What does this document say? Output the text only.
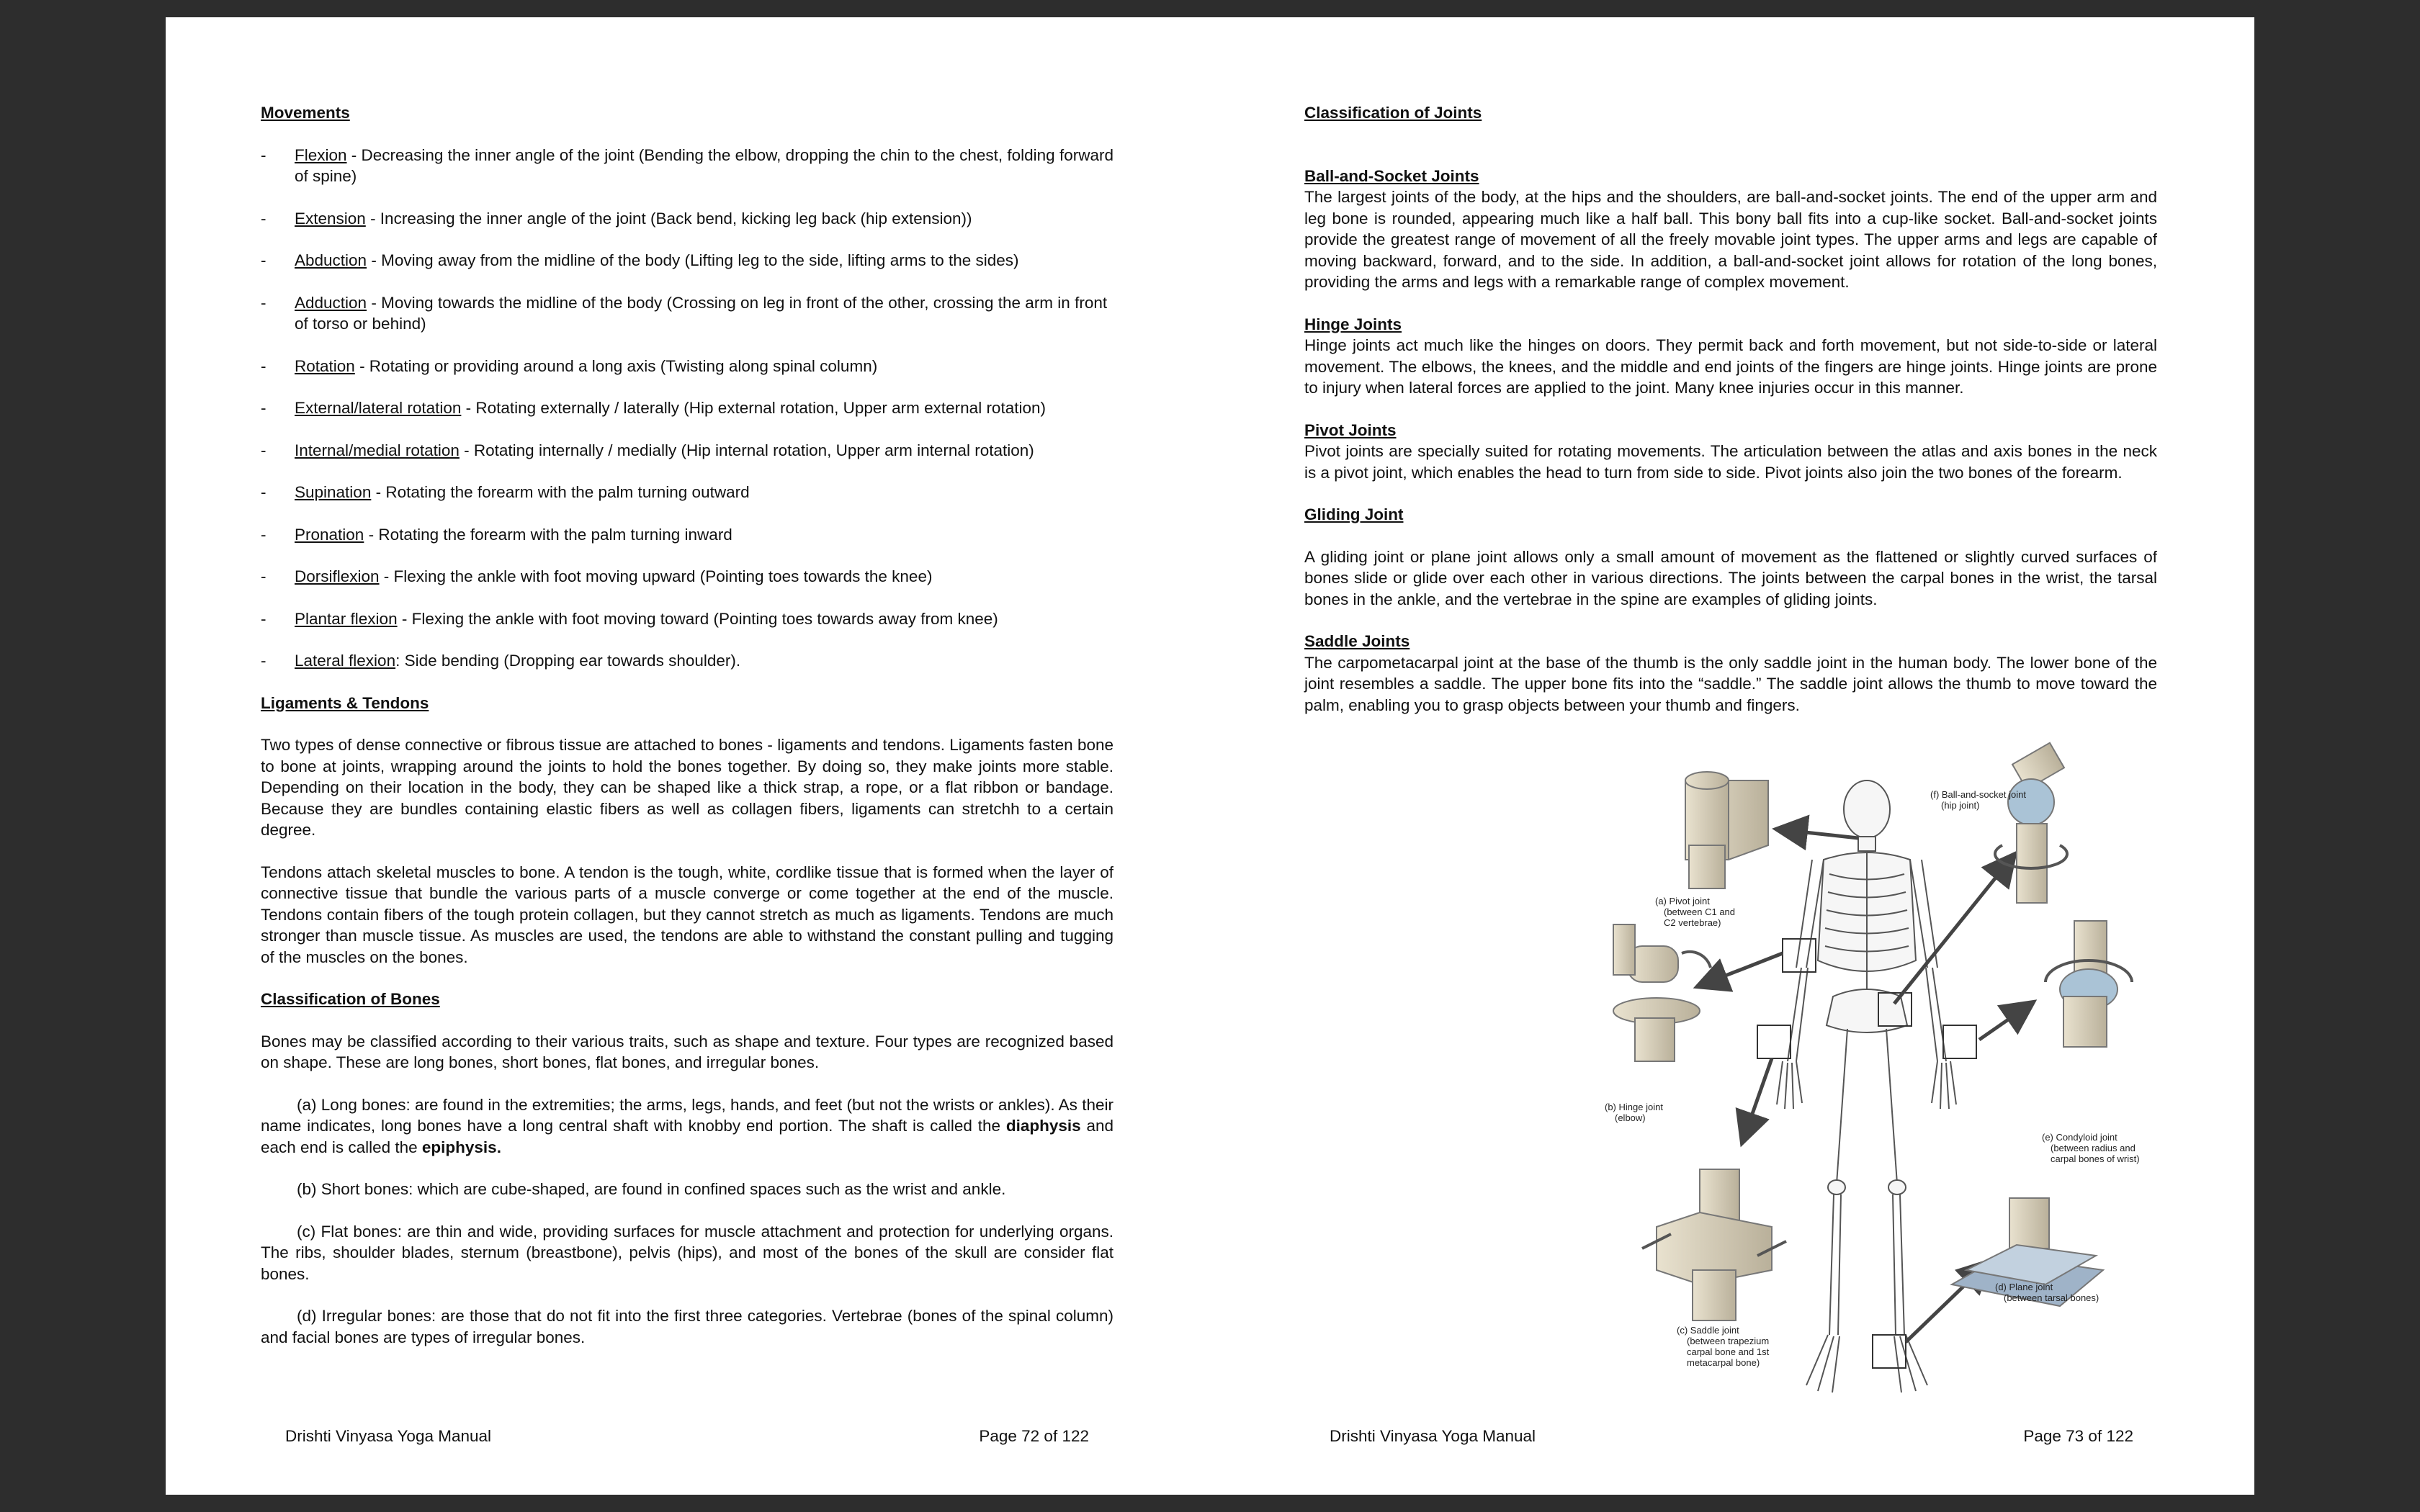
Movements
- Flexion - Decreasing the inner angle of the joint (Bending the elbow, dropping the chin to the chest, folding forward of spine)
- Extension - Increasing the inner angle of the joint (Back bend, kicking leg back (hip extension))
- Abduction - Moving away from the midline of the body (Lifting leg to the side, lifting arms to the sides)
- Adduction - Moving towards the midline of the body (Crossing on leg in front of the other, crossing the arm in front of torso or behind)
- Rotation - Rotating or providing around a long axis (Twisting along spinal column)
- External/lateral rotation - Rotating externally / laterally (Hip external rotation, Upper arm external rotation)
- Internal/medial rotation - Rotating internally / medially (Hip internal rotation, Upper arm internal rotation)
- Supination - Rotating the forearm with the palm turning outward
- Pronation - Rotating the forearm with the palm turning inward
- Dorsiflexion - Flexing the ankle with foot moving upward (Pointing toes towards the knee)
- Plantar flexion - Flexing the ankle with foot moving toward (Pointing toes towards away from knee)
- Lateral flexion: Side bending (Dropping ear towards shoulder).
Ligaments & Tendons

Two types of dense connective or fibrous tissue are attached to bones - ligaments and tendons. Ligaments fasten bone to bone at joints, wrapping around the joints to hold the bones together. By doing so, they make joints more stable. Depending on their location in the body, they can be shaped like a thick strap, a rope, or a flat ribbon or bandage. Because they are bundles containing elastic fibers as well as collagen fibers, ligaments can stretchh to a certain degree.

Tendons attach skeletal muscles to bone. A tendon is the tough, white, cordlike tissue that is formed when the layer of connective tissue that bundle the various parts of a muscle converge or come together at the end of the muscle. Tendons contain fibers of the tough protein collagen, but they cannot stretch as much as ligaments. Tendons are much stronger than muscle tissue. As muscles are used, the tendons are able to withstand the constant pulling and tugging of the muscles on the bones.

Classification of Bones

Bones may be classified according to their various traits, such as shape and texture. Four types are recognized based on shape. These are long bones, short bones, flat bones, and irregular bones.

(a) Long bones: are found in the extremities; the arms, legs, hands, and feet (but not the wrists or ankles). As their name indicates, long bones have a long central shaft with knobby end portion. The shaft is called the diaphysis and each end is called the epiphysis.

(b) Short bones: which are cube-shaped, are found in confined spaces such as the wrist and ankle.

(c) Flat bones: are thin and wide, providing surfaces for muscle attachment and protection for underlying organs. The ribs, shoulder blades, sternum (breastbone), pelvis (hips), and most of the bones of the skull are consider flat bones.

(d) Irregular bones: are those that do not fit into the first three categories. Vertebrae (bones of the spinal column) and facial bones are types of irregular bones.

Drishti Vinyasa Yoga Manual	Page 72 of 122
Classification of Joints
Ball-and-Socket Joints

The largest joints of the body, at the hips and the shoulders, are ball-and-socket joints. The end of the upper arm and leg bone is rounded, appearing much like a half ball. This bony ball fits into a cup-like socket. Ball-and-socket joints provide the greatest range of movement of all the freely movable joint types. The upper arms and legs are capable of moving backward, forward, and to the side. In addition, a ball-and-socket joint allows for rotation of the long bones, providing the arms and legs with a remarkable range of complex movement.

Hinge Joints

Hinge joints act much like the hinges on doors. They permit back and forth movement, but not side-to-side or lateral movement. The elbows, the knees, and the middle and end joints of the fingers are hinge joints. Hinge joints are prone to injury when lateral forces are applied to the joint. Many knee injuries occur in this manner.

Pivot Joints

Pivot joints are specially suited for rotating movements. The articulation between the atlas and axis bones in the neck is a pivot joint, which enables the head to turn from side to side. Pivot joints also join the two bones of the forearm.

Gliding Joint

A gliding joint or plane joint allows only a small amount of movement as the flattened or slightly curved surfaces of bones slide or glide over each other in various directions. The joints between the carpal bones in the wrist, the tarsal bones in the ankle, and the vertebrae in the spine are examples of gliding joints.

Saddle Joints

The carpometacarpal joint at the base of the thumb is the only saddle joint in the human body. The lower bone of the joint resembles a saddle. The upper bone fits into the “saddle.” The saddle joint allows the thumb to move toward the palm, enabling you to grasp objects between your thumb and fingers.

(a) Pivot joint (between C1 and C2 vertebrae)
(b) Hinge joint (elbow)
(c) Saddle joint (between trapezium carpal bone and 1st metacarpal bone)
(d) Plane joint (between tarsal bones)
(e) Condyloid joint (between radius and carpal bones of wrist)
(f) Ball-and-socket joint (hip joint)
Drishti Vinyasa Yoga Manual	Page 73 of 122
